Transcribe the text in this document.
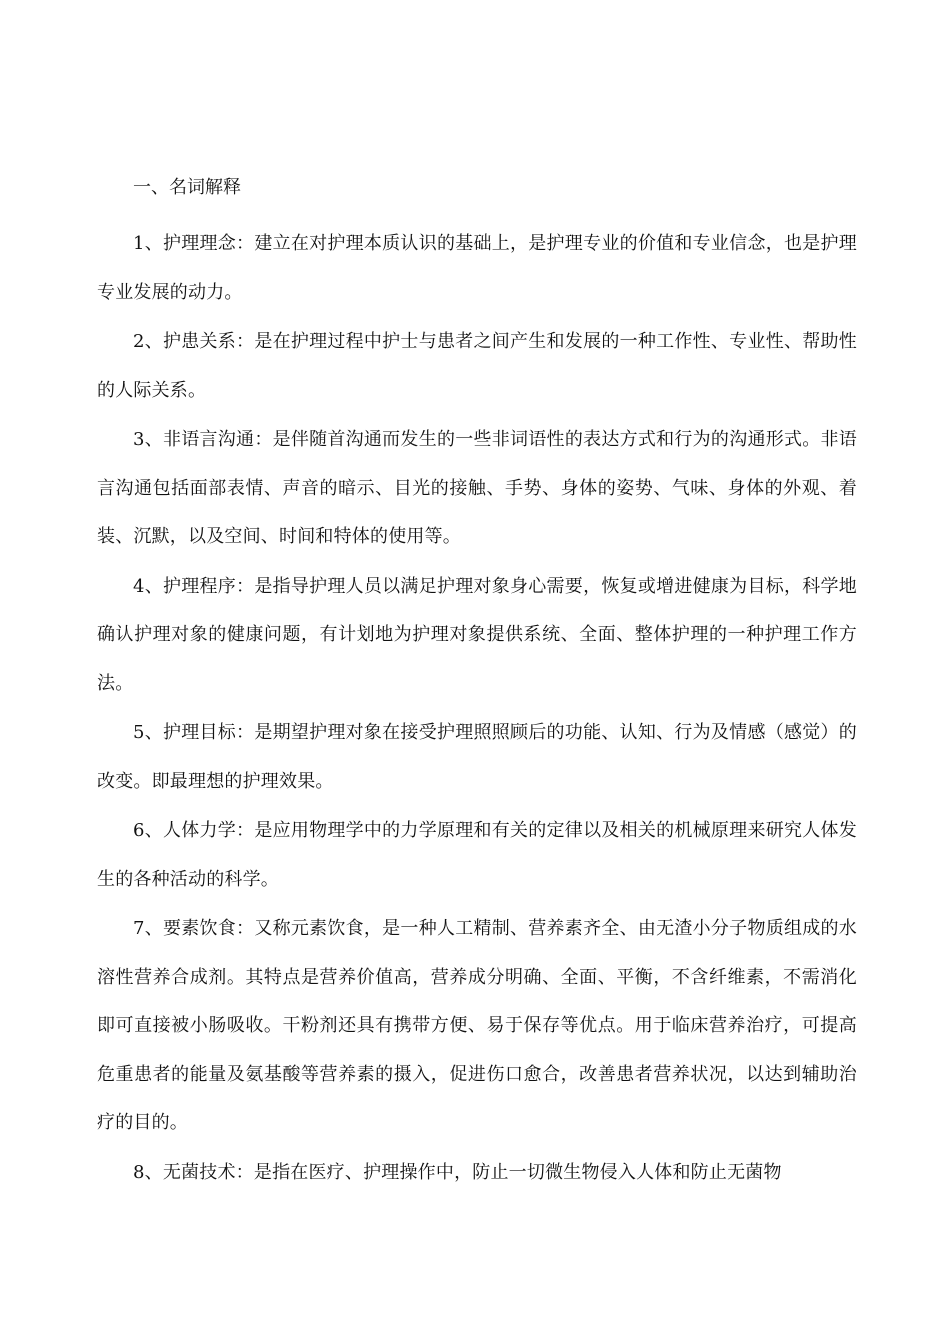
一、名词解释
1、护理理念：建立在对护理本质认识的基础上，是护理专业的价值和专业信念，也是护理专业发展的动力。
2、护患关系：是在护理过程中护士与患者之间产生和发展的一种工作性、专业性、帮助性的人际关系。
3、非语言沟通：是伴随首沟通而发生的一些非词语性的表达方式和行为的沟通形式。非语言沟通包括面部表情、声音的暗示、目光的接触、手势、身体的姿势、气味、身体的外观、着装、沉默，以及空间、时间和特体的使用等。
4、护理程序：是指导护理人员以满足护理对象身心需要，恢复或增进健康为目标，科学地确认护理对象的健康问题，有计划地为护理对象提供系统、全面、整体护理的一种护理工作方法。
5、护理目标：是期望护理对象在接受护理照照顾后的功能、认知、行为及情感（感觉）的改变。即最理想的护理效果。
6、人体力学：是应用物理学中的力学原理和有关的定律以及相关的机械原理来研究人体发生的各种活动的科学。
7、要素饮食：又称元素饮食，是一种人工精制、营养素齐全、由无渣小分子物质组成的水溶性营养合成剂。其特点是营养价值高，营养成分明确、全面、平衡，不含纤维素，不需消化即可直接被小肠吸收。干粉剂还具有携带方便、易于保存等优点。用于临床营养治疗，可提高危重患者的能量及氨基酸等营养素的摄入，促进伤口愈合，改善患者营养状况，以达到辅助治疗的目的。
8、无菌技术：是指在医疗、护理操作中，防止一切微生物侵入人体和防止无菌物
